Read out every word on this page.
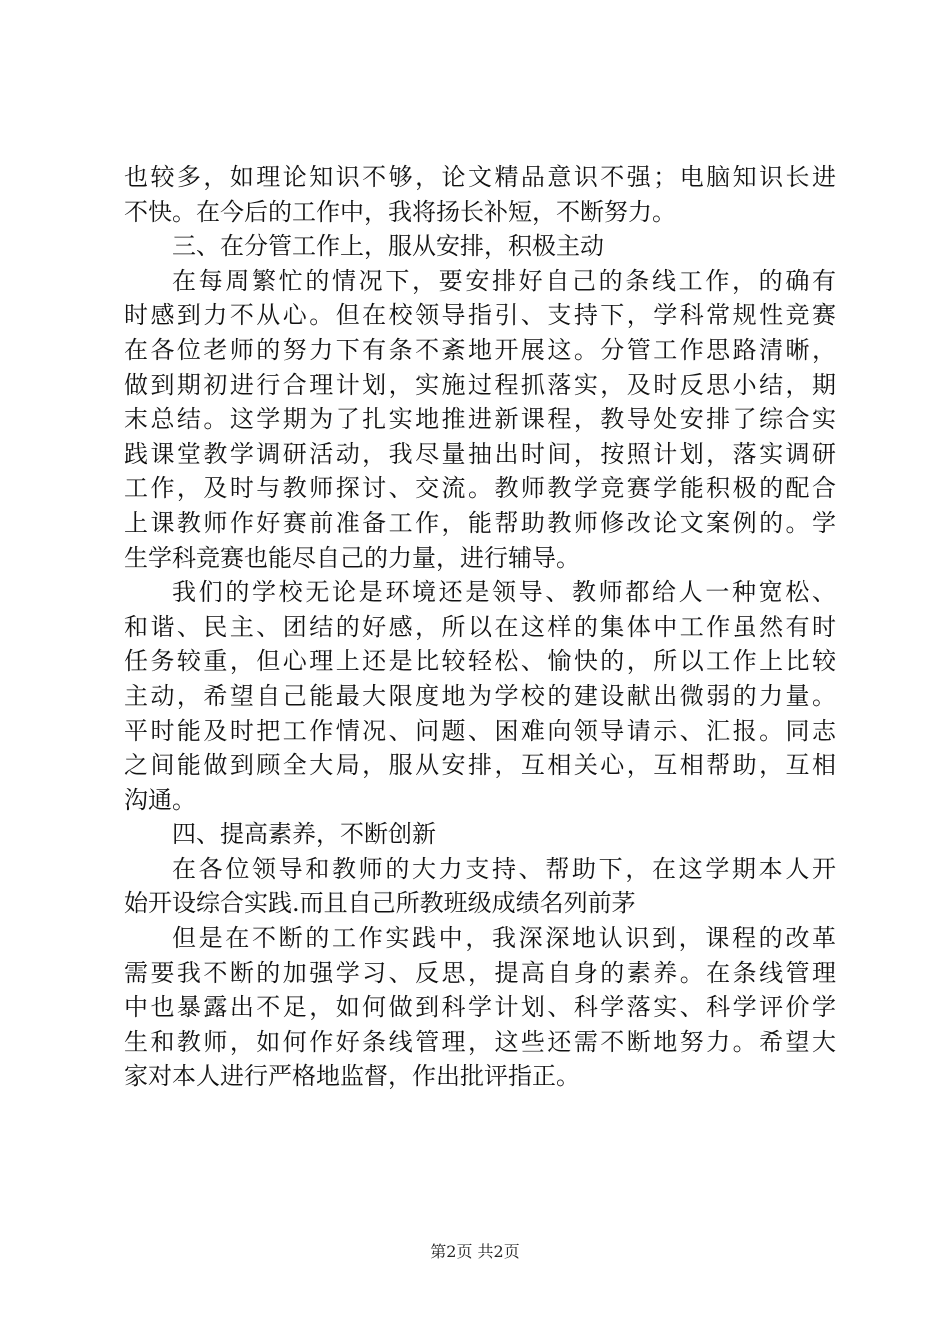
也较多，如理论知识不够，论文精品意识不强；电脑知识长进
不快。在今后的工作中，我将扬长补短，不断努力。
三、在分管工作上，服从安排，积极主动
在每周繁忙的情况下，要安排好自己的条线工作，的确有
时感到力不从心。但在校领导指引、支持下，学科常规性竞赛
在各位老师的努力下有条不紊地开展这。分管工作思路清晰，
做到期初进行合理计划，实施过程抓落实，及时反思小结，期
末总结。这学期为了扎实地推进新课程，教导处安排了综合实
践课堂教学调研活动，我尽量抽出时间，按照计划，落实调研
工作，及时与教师探讨、交流。教师教学竞赛学能积极的配合
上课教师作好赛前准备工作，能帮助教师修改论文案例的。学
生学科竞赛也能尽自己的力量，进行辅导。
我们的学校无论是环境还是领导、教师都给人一种宽松、
和谐、民主、团结的好感，所以在这样的集体中工作虽然有时
任务较重，但心理上还是比较轻松、愉快的，所以工作上比较
主动，希望自己能最大限度地为学校的建设献出微弱的力量。
平时能及时把工作情况、问题、困难向领导请示、汇报。同志
之间能做到顾全大局，服从安排，互相关心，互相帮助，互相
沟通。
四、提高素养，不断创新
在各位领导和教师的大力支持、帮助下，在这学期本人开
始开设综合实践.而且自己所教班级成绩名列前茅
但是在不断的工作实践中，我深深地认识到，课程的改革
需要我不断的加强学习、反思，提高自身的素养。在条线管理
中也暴露出不足，如何做到科学计划、科学落实、科学评价学
生和教师，如何作好条线管理，这些还需不断地努力。希望大
家对本人进行严格地监督，作出批评指正。
第2页 共2页
